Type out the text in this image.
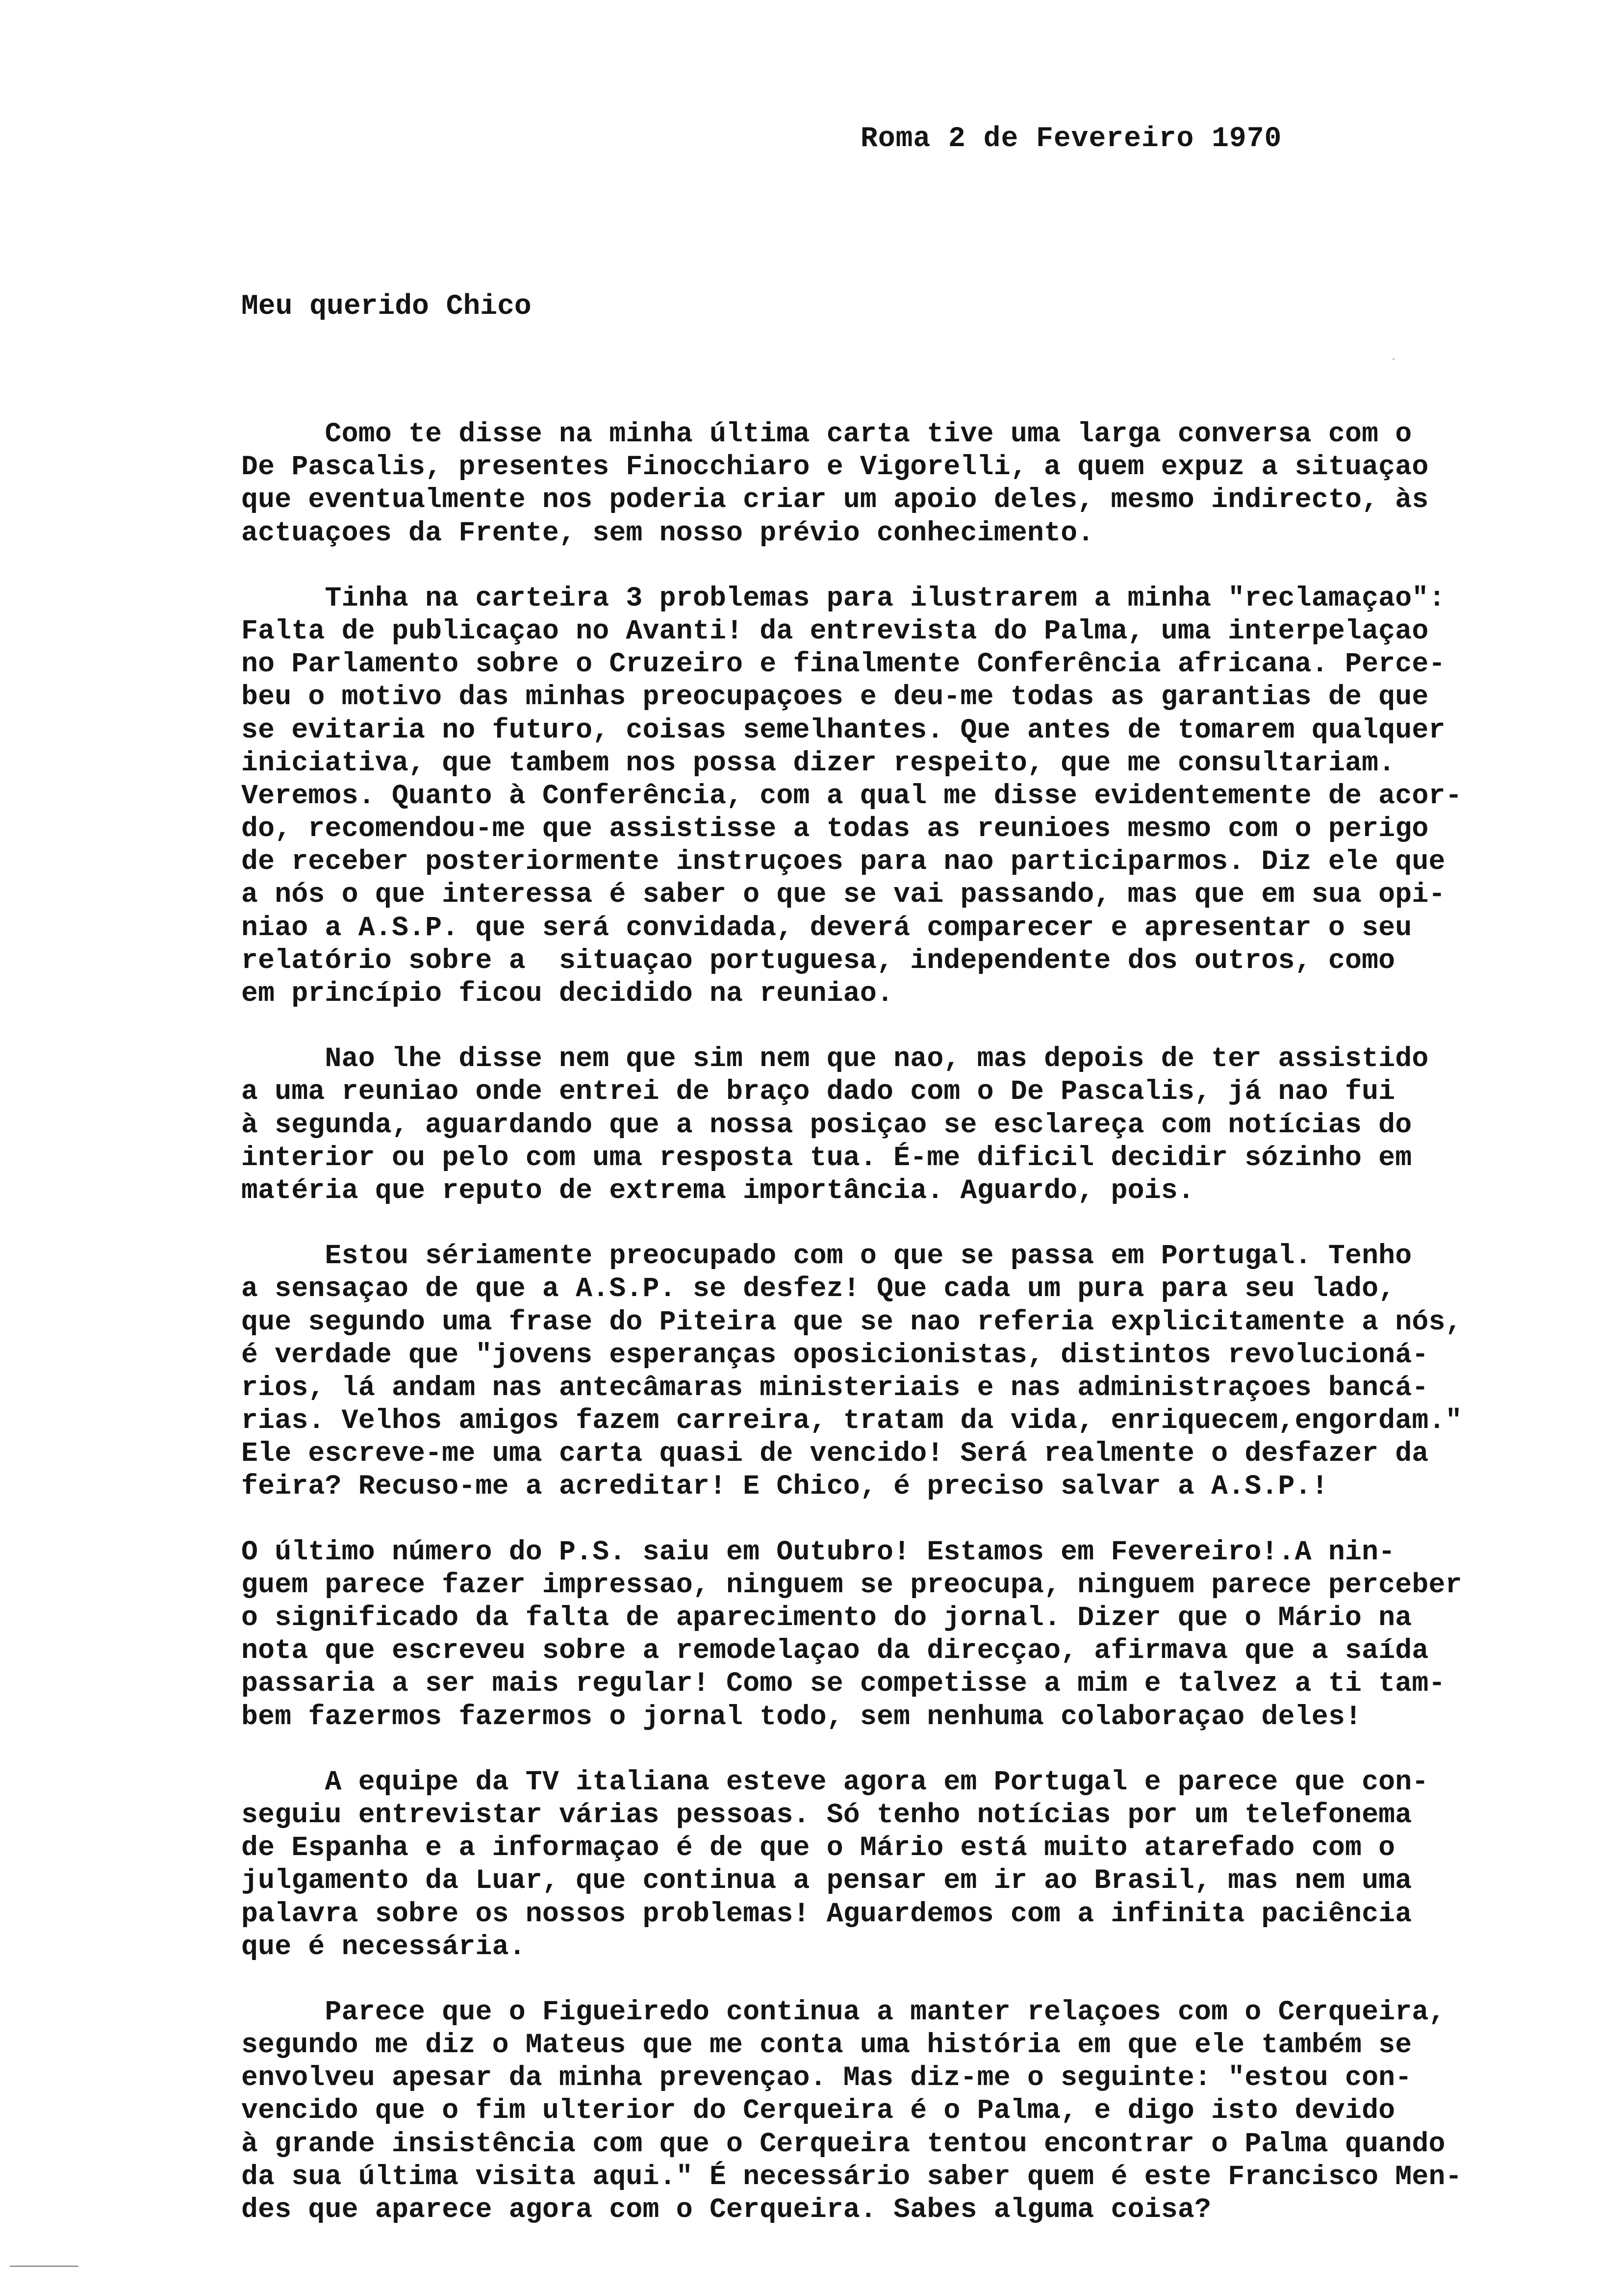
Roma 2 de Fevereiro 1970
Meu querido Chico
Como te disse na minha última carta tive uma larga conversa com o
De Pascalis, presentes Finocchiaro e Vigorelli, a quem expuz a situaçao
que eventualmente nos poderia criar um apoio deles, mesmo indirecto, às
actuaçoes da Frente, sem nosso prévio conhecimento.
Tinha na carteira 3 problemas para ilustrarem a minha "reclamaçao":
Falta de publicaçao no Avanti! da entrevista do Palma, uma interpelaçao
no Parlamento sobre o Cruzeiro e finalmente Conferência africana. Perce-
beu o motivo das minhas preocupaçoes e deu-me todas as garantias de que
se evitaria no futuro, coisas semelhantes. Que antes de tomarem qualquer
iniciativa, que tambem nos possa dizer respeito, que me consultariam.
Veremos. Quanto à Conferência, com a qual me disse evidentemente de acor-
do, recomendou-me que assistisse a todas as reunioes mesmo com o perigo
de receber posteriormente instruçoes para nao participarmos. Diz ele que
a nós o que interessa é saber o que se vai passando, mas que em sua opi-
niao a A.S.P. que será convidada, deverá comparecer e apresentar o seu
relatório sobre a  situaçao portuguesa, independente dos outros, como
em princípio ficou decidido na reuniao.
Nao lhe disse nem que sim nem que nao, mas depois de ter assistido
a uma reuniao onde entrei de braço dado com o De Pascalis, já nao fui
à segunda, aguardando que a nossa posiçao se esclareça com notícias do
interior ou pelo com uma resposta tua. É-me dificil decidir sózinho em
matéria que reputo de extrema importância. Aguardo, pois.
Estou sériamente preocupado com o que se passa em Portugal. Tenho
a sensaçao de que a A.S.P. se desfez! Que cada um pura para seu lado,
que segundo uma frase do Piteira que se nao referia explicitamente a nós,
é verdade que "jovens esperanças oposicionistas, distintos revolucioná-
rios, lá andam nas antecâmaras ministeriais e nas administraçoes bancá-
rias. Velhos amigos fazem carreira, tratam da vida, enriquecem,engordam."
Ele escreve-me uma carta quasi de vencido! Será realmente o desfazer da
feira? Recuso-me a acreditar! E Chico, é preciso salvar a A.S.P.!
O último número do P.S. saiu em Outubro! Estamos em Fevereiro!.A nin-
guem parece fazer impressao, ninguem se preocupa, ninguem parece perceber
o significado da falta de aparecimento do jornal. Dizer que o Mário na
nota que escreveu sobre a remodelaçao da direcçao, afirmava que a saída
passaria a ser mais regular! Como se competisse a mim e talvez a ti tam-
bem fazermos fazermos o jornal todo, sem nenhuma colaboraçao deles!
A equipe da TV italiana esteve agora em Portugal e parece que con-
seguiu entrevistar várias pessoas. Só tenho notícias por um telefonema
de Espanha e a informaçao é de que o Mário está muito atarefado com o
julgamento da Luar, que continua a pensar em ir ao Brasil, mas nem uma
palavra sobre os nossos problemas! Aguardemos com a infinita paciência
que é necessária.
Parece que o Figueiredo continua a manter relaçoes com o Cerqueira,
segundo me diz o Mateus que me conta uma história em que ele também se
envolveu apesar da minha prevençao. Mas diz-me o seguinte: "estou con-
vencido que o fim ulterior do Cerqueira é o Palma, e digo isto devido
à grande insistência com que o Cerqueira tentou encontrar o Palma quando
da sua última visita aqui." É necessário saber quem é este Francisco Men-
des que aparece agora com o Cerqueira. Sabes alguma coisa?
